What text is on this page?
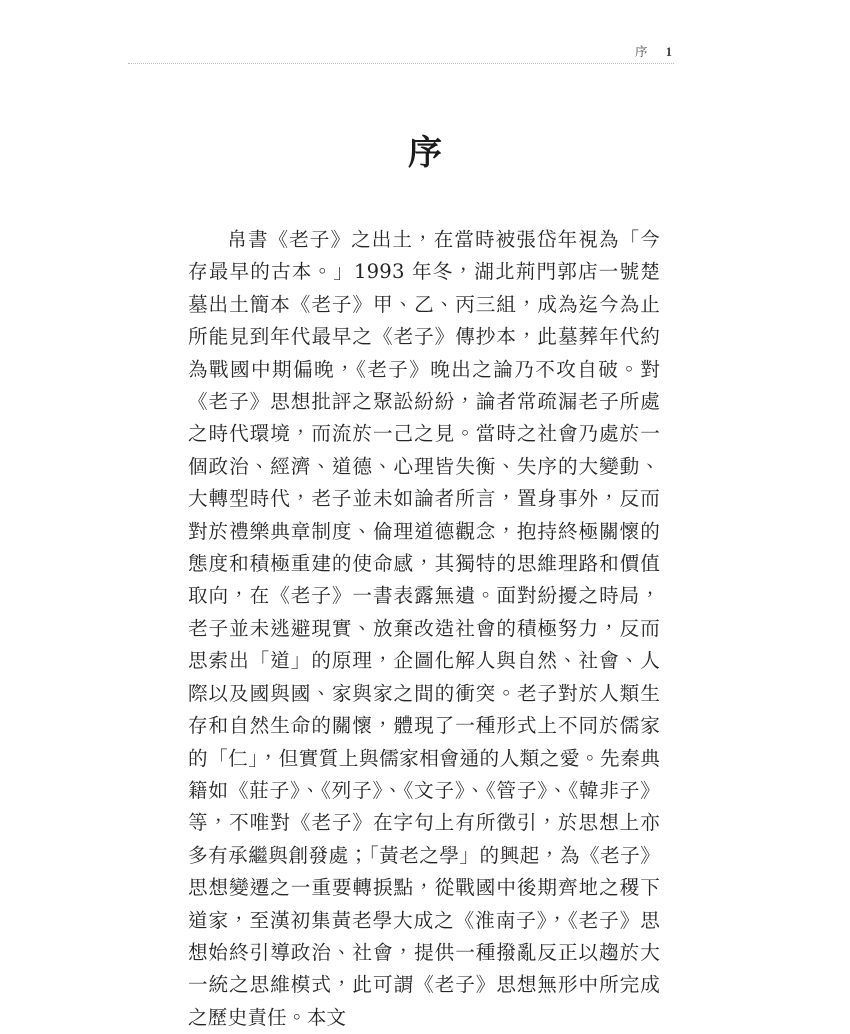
序 1
序

帛書《老子》之出土，在當時被張岱年視為「今存最早的古本。」1993 年冬，湖北荊門郭店一號楚墓出土簡本《老子》甲、乙、丙三組，成為迄今為止所能見到年代最早之《老子》傳抄本，此墓葬年代約為戰國中期偏晚，《老子》晚出之論乃不攻自破。對《老子》思想批評之聚訟紛紛，論者常疏漏老子所處之時代環境，而流於一己之見。當時之社會乃處於一個政治、經濟、道德、心理皆失衡、失序的大變動、大轉型時代，老子並未如論者所言，置身事外，反而對於禮樂典章制度、倫理道德觀念，抱持終極關懷的態度和積極重建的使命感，其獨特的思維理路和價值取向，在《老子》一書表露無遺。面對紛擾之時局，老子並未逃避現實、放棄改造社會的積極努力，反而思索出「道」的原理，企圖化解人與自然、社會、人際以及國與國、家與家之間的衝突。老子對於人類生存和自然生命的關懷，體現了一種形式上不同於儒家的「仁」，但實質上與儒家相會通的人類之愛。先秦典籍如《莊子》、《列子》、《文子》、《管子》、《韓非子》等，不唯對《老子》在字句上有所徵引，於思想上亦多有承繼與創發處；「黃老之學」的興起，為《老子》思想變遷之一重要轉捩點，從戰國中後期齊地之稷下道家，至漢初集黃老學大成之《淮南子》，《老子》思想始終引導政治、社會，提供一種撥亂反正以趨於大一統之思維模式，此可謂《老子》思想無形中所完成之歷史責任。本文
